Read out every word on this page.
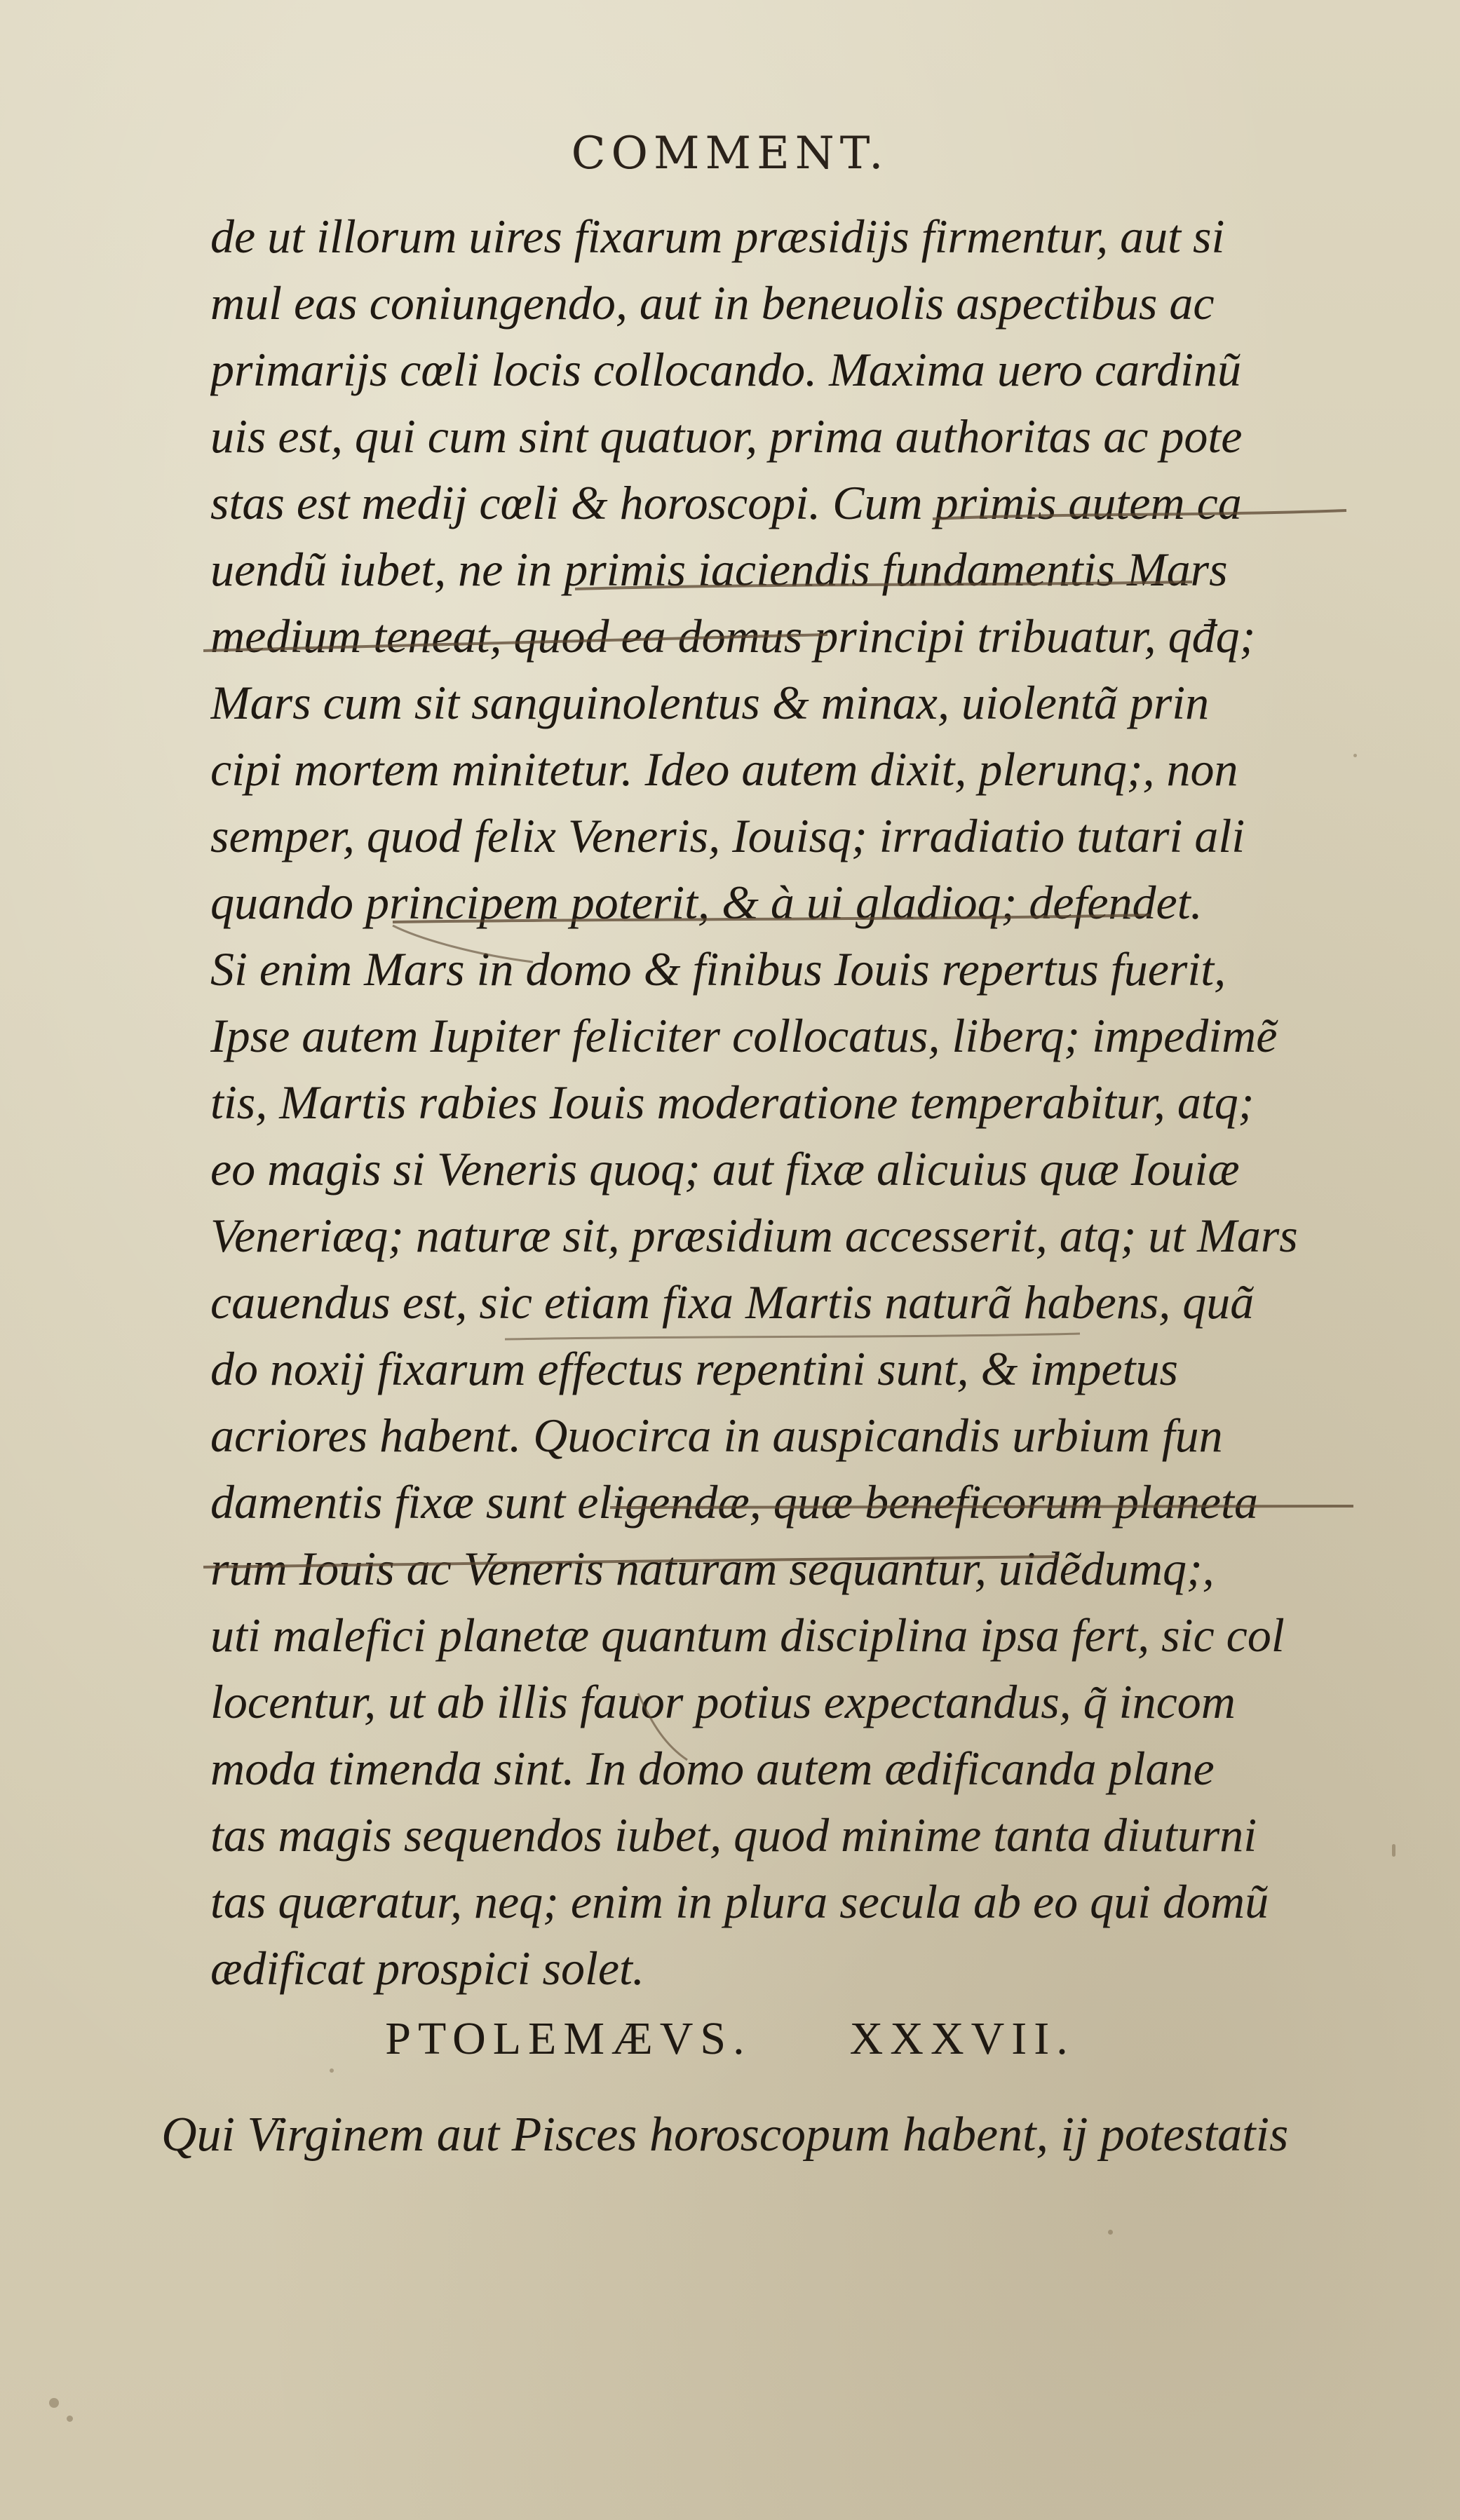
COMMENT.
de ut illorum uires fixarum præsidijs firmentur, aut si
mul eas coniungendo, aut in beneuolis aspectibus ac
primarijs cœli locis collocando. Maxima uero cardinũ
uis est, qui cum sint quatuor, prima authoritas ac pote
stas est medij cœli & horoscopi. Cum primis autem ca
uendũ iubet, ne in primis iaciendis fundamentis Mars
medium teneat, quod ea domus principi tribuatur, qđq;
Mars cum sit sanguinolentus & minax, uiolentã prin
cipi mortem minitetur. Ideo autem dixit, plerunq;, non
semper, quod felix Veneris, Iouisq; irradiatio tutari ali
quando principem poterit, & à ui gladioq; defendet.
Si enim Mars in domo & finibus Iouis repertus fuerit,
Ipse autem Iupiter feliciter collocatus, liberq; impedimẽ
tis, Martis rabies Iouis moderatione temperabitur, atq;
eo magis si Veneris quoq; aut fixæ alicuius quæ Iouiæ
Veneriæq; naturæ sit, præsidium accesserit, atq; ut Mars
cauendus est, sic etiam fixa Martis naturã habens, quã
do noxij fixarum effectus repentini sunt, & impetus
acriores habent. Quocirca in auspicandis urbium fun
damentis fixæ sunt eligendæ, quæ beneficorum planeta
rum Iouis ac Veneris naturam sequantur, uidẽdumq;,
uti malefici planetæ quantum disciplina ipsa fert, sic col
locentur, ut ab illis fauor potius expectandus, q̃ incom
moda timenda sint. In domo autem ædificanda plane
tas magis sequendos iubet, quod minime tanta diuturni
tas quæratur, neq; enim in plura secula ab eo qui domũ
ædificat prospici solet.
PTOLEMÆVS. XXXVII.
Qui Virginem aut Pisces horoscopum habent, ij potestatis
